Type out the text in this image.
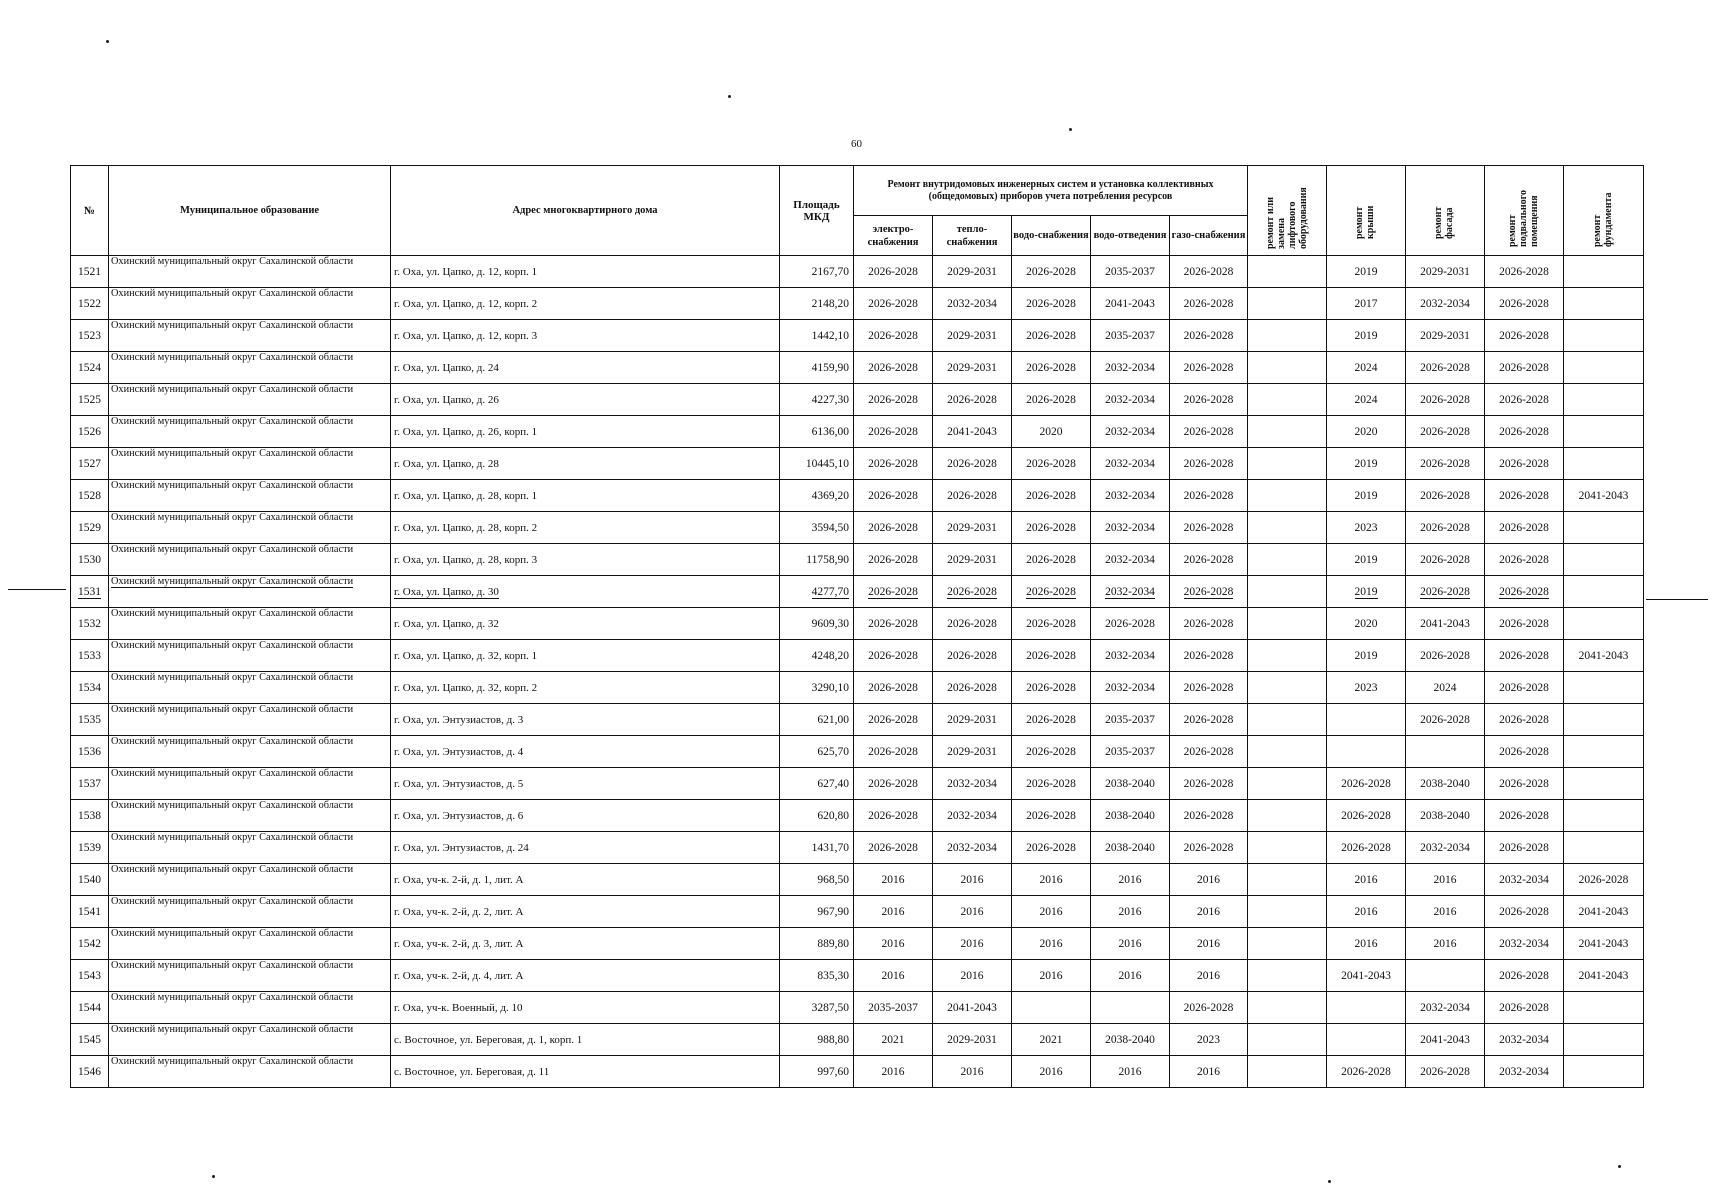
60
№	Муниципальное образование	Адрес многоквартирного дома	Площадь МКД	Ремонт внутридомовых инженерных систем и установка коллективных (общедомовых) приборов учета потребления ресурсов					ремонт или замена лифтового оборудования	ремонт крыши	ремонт фасада	ремонт подвального помещения	ремонт фундамента
				электро-снабжения	тепло-снабжения	водо-снабжения	водо-отведения	газо-снабжения					
1521	Охинский муниципальный округ Сахалинской области	г. Оха, ул. Цапко, д. 12, корп. 1	2167,70	2026-2028	2029-2031	2026-2028	2035-2037	2026-2028		2019	2029-2031	2026-2028	
1522	Охинский муниципальный округ Сахалинской области	г. Оха, ул. Цапко, д. 12, корп. 2	2148,20	2026-2028	2032-2034	2026-2028	2041-2043	2026-2028		2017	2032-2034	2026-2028	
1523	Охинский муниципальный округ Сахалинской области	г. Оха, ул. Цапко, д. 12, корп. 3	1442,10	2026-2028	2029-2031	2026-2028	2035-2037	2026-2028		2019	2029-2031	2026-2028	
1524	Охинский муниципальный округ Сахалинской области	г. Оха, ул. Цапко, д. 24	4159,90	2026-2028	2029-2031	2026-2028	2032-2034	2026-2028		2024	2026-2028	2026-2028	
1525	Охинский муниципальный округ Сахалинской области	г. Оха, ул. Цапко, д. 26	4227,30	2026-2028	2026-2028	2026-2028	2032-2034	2026-2028		2024	2026-2028	2026-2028	
1526	Охинский муниципальный округ Сахалинской области	г. Оха, ул. Цапко, д. 26, корп. 1	6136,00	2026-2028	2041-2043	2020	2032-2034	2026-2028		2020	2026-2028	2026-2028	
1527	Охинский муниципальный округ Сахалинской области	г. Оха, ул. Цапко, д. 28	10445,10	2026-2028	2026-2028	2026-2028	2032-2034	2026-2028		2019	2026-2028	2026-2028	
1528	Охинский муниципальный округ Сахалинской области	г. Оха, ул. Цапко, д. 28, корп. 1	4369,20	2026-2028	2026-2028	2026-2028	2032-2034	2026-2028		2019	2026-2028	2026-2028	2041-2043
1529	Охинский муниципальный округ Сахалинской области	г. Оха, ул. Цапко, д. 28, корп. 2	3594,50	2026-2028	2029-2031	2026-2028	2032-2034	2026-2028		2023	2026-2028	2026-2028	
1530	Охинский муниципальный округ Сахалинской области	г. Оха, ул. Цапко, д. 28, корп. 3	11758,90	2026-2028	2029-2031	2026-2028	2032-2034	2026-2028		2019	2026-2028	2026-2028	
1531	Охинский муниципальный округ Сахалинской области	г. Оха, ул. Цапко, д. 30	4277,70	2026-2028	2026-2028	2026-2028	2032-2034	2026-2028		2019	2026-2028	2026-2028	
1532	Охинский муниципальный округ Сахалинской области	г. Оха, ул. Цапко, д. 32	9609,30	2026-2028	2026-2028	2026-2028	2026-2028	2026-2028		2020	2041-2043	2026-2028	
1533	Охинский муниципальный округ Сахалинской области	г. Оха, ул. Цапко, д. 32, корп. 1	4248,20	2026-2028	2026-2028	2026-2028	2032-2034	2026-2028		2019	2026-2028	2026-2028	2041-2043
1534	Охинский муниципальный округ Сахалинской области	г. Оха, ул. Цапко, д. 32, корп. 2	3290,10	2026-2028	2026-2028	2026-2028	2032-2034	2026-2028		2023	2024	2026-2028	
1535	Охинский муниципальный округ Сахалинской области	г. Оха, ул. Энтузиастов, д. 3	621,00	2026-2028	2029-2031	2026-2028	2035-2037	2026-2028			2026-2028	2026-2028	
1536	Охинский муниципальный округ Сахалинской области	г. Оха, ул. Энтузиастов, д. 4	625,70	2026-2028	2029-2031	2026-2028	2035-2037	2026-2028				2026-2028	
1537	Охинский муниципальный округ Сахалинской области	г. Оха, ул. Энтузиастов, д. 5	627,40	2026-2028	2032-2034	2026-2028	2038-2040	2026-2028		2026-2028	2038-2040	2026-2028	
1538	Охинский муниципальный округ Сахалинской области	г. Оха, ул. Энтузиастов, д. 6	620,80	2026-2028	2032-2034	2026-2028	2038-2040	2026-2028		2026-2028	2038-2040	2026-2028	
1539	Охинский муниципальный округ Сахалинской области	г. Оха, ул. Энтузиастов, д. 24	1431,70	2026-2028	2032-2034	2026-2028	2038-2040	2026-2028		2026-2028	2032-2034	2026-2028	
1540	Охинский муниципальный округ Сахалинской области	г. Оха, уч-к. 2-й, д. 1, лит. А	968,50	2016	2016	2016	2016	2016		2016	2016	2032-2034	2026-2028
1541	Охинский муниципальный округ Сахалинской области	г. Оха, уч-к. 2-й, д. 2, лит. А	967,90	2016	2016	2016	2016	2016		2016	2016	2026-2028	2041-2043
1542	Охинский муниципальный округ Сахалинской области	г. Оха, уч-к. 2-й, д. 3, лит. А	889,80	2016	2016	2016	2016	2016		2016	2016	2032-2034	2041-2043
1543	Охинский муниципальный округ Сахалинской области	г. Оха, уч-к. 2-й, д. 4, лит. А	835,30	2016	2016	2016	2016	2016		2041-2043		2026-2028	2041-2043
1544	Охинский муниципальный округ Сахалинской области	г. Оха, уч-к. Военный, д. 10	3287,50	2035-2037	2041-2043			2026-2028			2032-2034	2026-2028	
1545	Охинский муниципальный округ Сахалинской области	с. Восточное, ул. Береговая, д. 1, корп. 1	988,80	2021	2029-2031	2021	2038-2040	2023			2041-2043	2032-2034	
1546	Охинский муниципальный округ Сахалинской области	с. Восточное, ул. Береговая, д. 11	997,60	2016	2016	2016	2016	2016		2026-2028	2026-2028	2032-2034	
